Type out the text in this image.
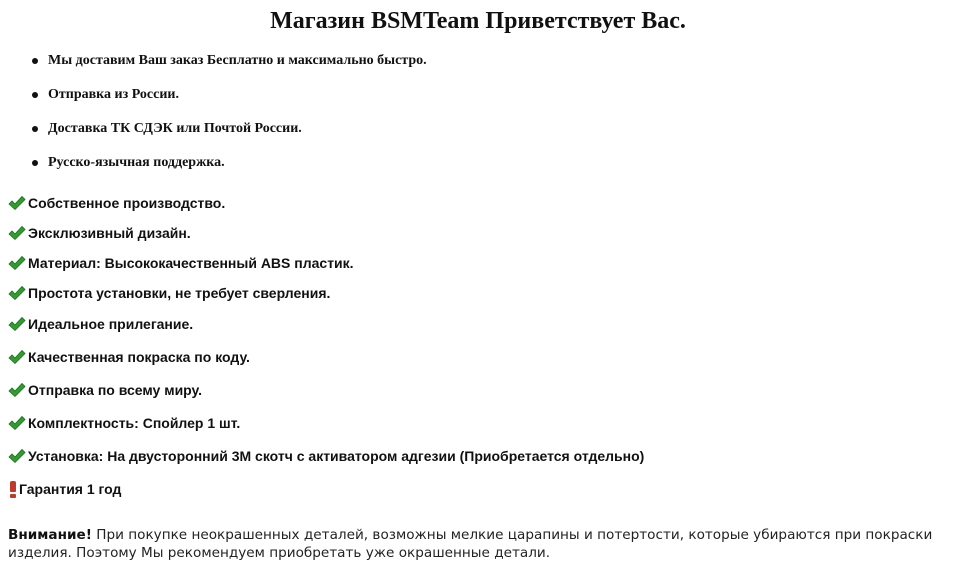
Магазин BSMTeam Приветствует Вас.
Мы доставим Ваш заказ Бесплатно и максимально быстро.
Отправка из России.
Доставка ТК СДЭК или Почтой России.
Русско-язычная поддержка.
Собственное производство.
Эксклюзивный дизайн.
Материал: Высококачественный ABS пластик.
Простота установки, не требует сверления.
Идеальное прилегание.
Качественная покраска по коду.
Отправка по всему миру.
Комплектность: Спойлер 1 шт.
Установка: На двусторонний 3М скотч с активатором адгезии (Приобретается отдельно)
Гарантия 1 год
Внимание! При покупке неокрашенных деталей, возможны мелкие царапины и потертости, которые убираются при покраски изделия. Поэтому Мы рекомендуем приобретать уже окрашенные детали.
